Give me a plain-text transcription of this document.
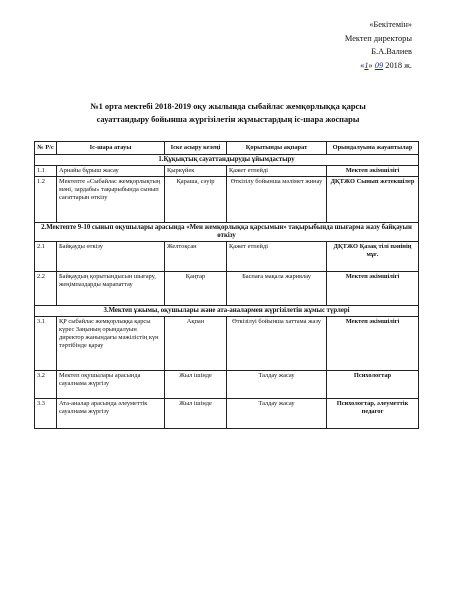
«Бекітемін»
Мектеп директоры
Б.А.Валиев
«1» 09 2018 ж.
№1 орта мектебі 2018-2019 оқу жылында сыбайлас жемқорлыққа қарсы
сауаттандыру бойынша жүргізілетін жұмыстардың іс-шара жоспары
№ Р/с	Іс-шара атауы	Іске асыру кезеңі	Қорытынды ақпарат	Орындалуына жауаптылар
1.Құқықтық сауаттандыруды ұйымдастыру				
1.1	Арнайы бұрыш жасау	Қыркүйек	Қажет етпейді	Мектеп әкімшілігі
1.2	Мектепте «Сыбайлас жемқорлықтың мәні, зардабы» тақырыбында сынып сағаттарын өткізу	Қараша, сәуір	Өткізілу бойынша мәлімет жинау	ДҚТЖО Сынып жетекшілер
2.Мектепте 9-10 сынып оқушылары арасында «Мен жемқорлыққа қарсымын» тақырыбында шығарма жазу байқауын өткізу				
2.1	Байқауды өткізу	Желтоқсан	Қажет етпейді	ДҚТЖО Қазақ тілі пәнінің мұғ.
2.2	Байқаудың қорытындысын шығару, жеңімпаздарды марапаттау	Қаңтар	Баспаға мақала жариялау	Мектеп әкімшілігі
3.Мектеп ұжымы, оқушылары және ата-аналармен жүргізілетін жұмыс түрлері				
3.1	ҚР сыбайлас жемқорлыққа қарсы күрес Заңының орындалуын директор жанындағы мәжілістің күн тәртібінде қарау	Ақпан	Өткізілуі бойынша хаттама жазу	Мектеп әкімшілігі
3.2	Мектеп оқушылары арасында сауалнама жүргізу	Жыл ішінде	Талдау жасау	Психологтар
3.3	Ата-аналар арасында әлеуметтік сауалнама жүргізу	Жыл ішінде	Талдау жасау	Психологтар, әлеуметтік педагог
